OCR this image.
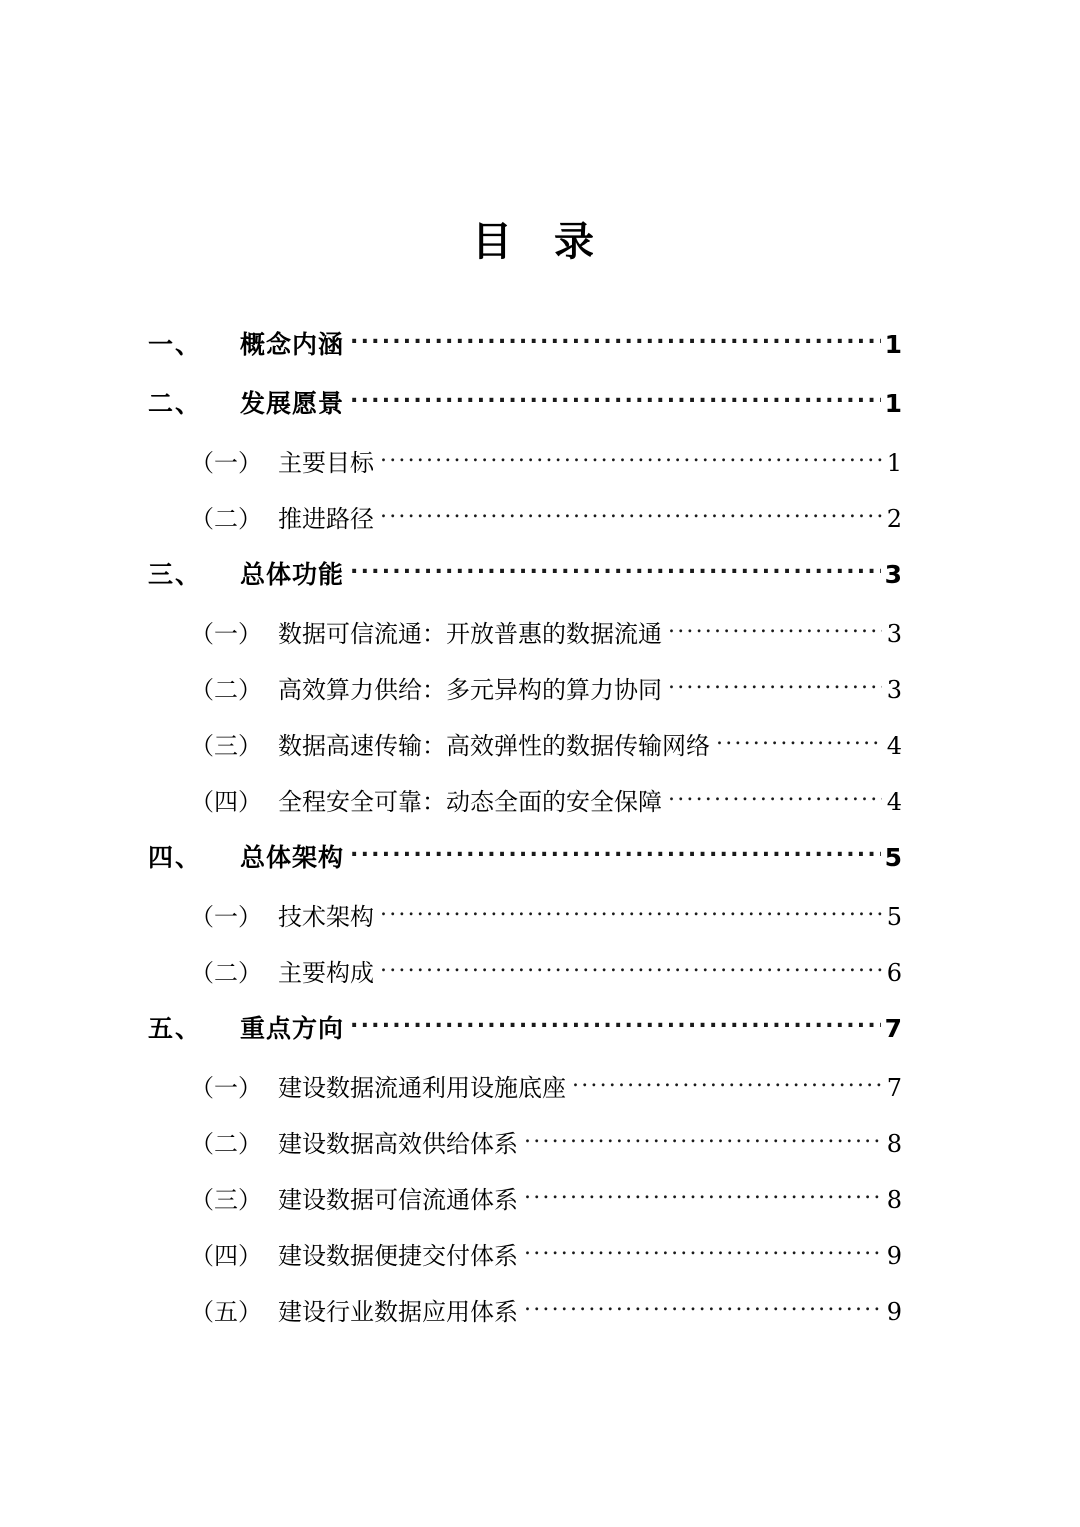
目 录
一、	概念内涵 .....	1
二、	发展愿景 .....	1
（一） 主要目标 .....	1
（二） 推进路径 .....	2
三、	总体功能 .....	3
（一） 数据可信流通：开放普惠的数据流通 .....	3
（二） 高效算力供给：多元异构的算力协同 .....	3
（三） 数据高速传输：高效弹性的数据传输网络 .....	4
（四） 全程安全可靠：动态全面的安全保障 .....	4
四、	总体架构 .....	5
（一） 技术架构 .....	5
（二） 主要构成 .....	6
五、	重点方向 .....	7
（一） 建设数据流通利用设施底座 .....	7
（二） 建设数据高效供给体系 .....	8
（三） 建设数据可信流通体系 .....	8
（四） 建设数据便捷交付体系 .....	9
（五） 建设行业数据应用体系 .....	9
